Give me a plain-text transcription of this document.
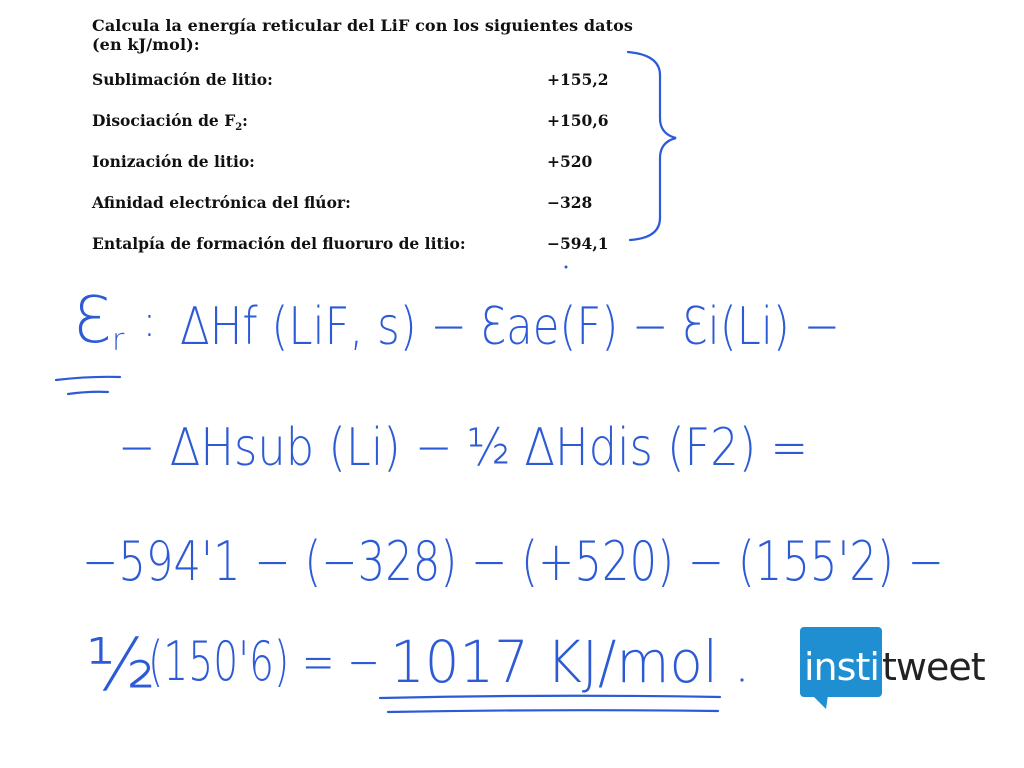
Calcula la energía reticular del LiF con los siguientes datos (en kJ/mol):

Sublimación de litio:	+155,2
Disociación de $F_2$:	+150,6
Ionización de litio:	+520
Afinidad electrónica del flúor:	−328
Entalpía de formación del fluoruro de litio:	−594,1
Ɛ r : ΔHf (LiF, s) − Ɛae(F) − Ɛi(Li) −
− ΔHsub (Li) − ½ ΔHdis (F2) =
−594'1 − (−328) − (+520) − (155'2) −
½
(150'6) = − 1017 KJ/mol insti tweet
